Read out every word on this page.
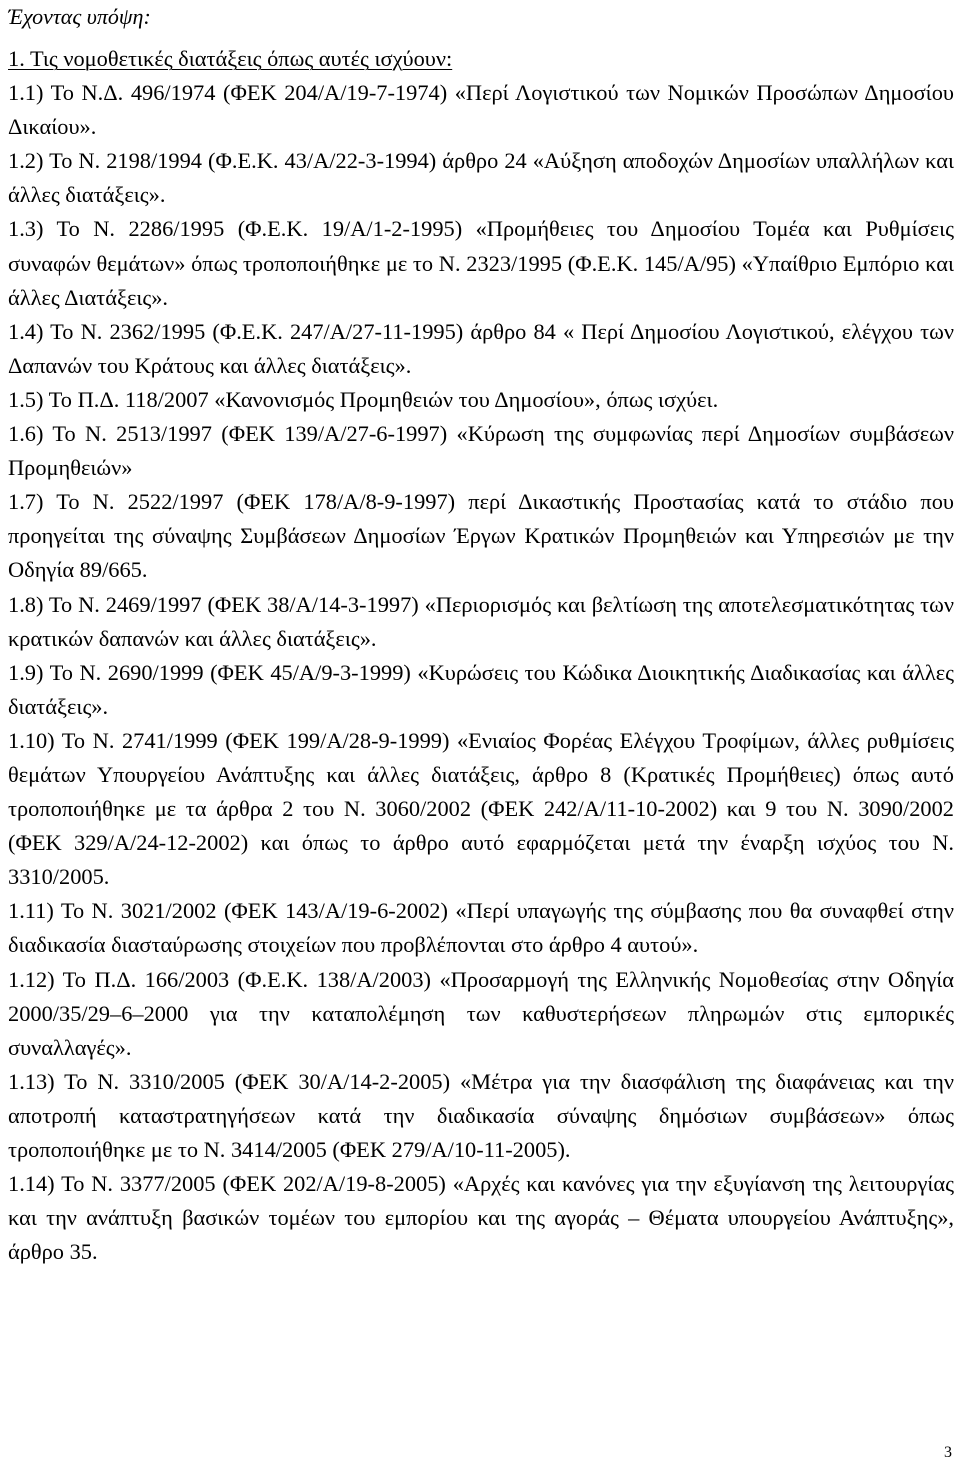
Έχοντας υπόψη:

1. Τις νομοθετικές διατάξεις όπως αυτές ισχύουν:

1.1) Το Ν.Δ. 496/1974 (ΦΕΚ 204/Α/19-7-1974) «Περί Λογιστικού των Νομικών Προσώπων Δημοσίου Δικαίου».

1.2) Το Ν. 2198/1994 (Φ.Ε.Κ. 43/Α/22-3-1994) άρθρο 24 «Αύξηση αποδοχών Δημοσίων υπαλλήλων και άλλες διατάξεις».

1.3) Το Ν. 2286/1995 (Φ.Ε.Κ. 19/Α/1-2-1995) «Προμήθειες του Δημοσίου Τομέα και Ρυθμίσεις συναφών θεμάτων» όπως τροποποιήθηκε με το Ν. 2323/1995 (Φ.Ε.Κ. 145/Α/95) «Υπαίθριο Εμπόριο και άλλες Διατάξεις».

1.4) Το Ν. 2362/1995 (Φ.Ε.Κ. 247/Α/27-11-1995) άρθρο 84 « Περί Δημοσίου Λογιστικού, ελέγχου των Δαπανών του Κράτους και άλλες διατάξεις».

1.5) Το Π.Δ. 118/2007 «Κανονισμός Προμηθειών του Δημοσίου», όπως ισχύει.

1.6) Το Ν. 2513/1997 (ΦΕΚ 139/Α/27-6-1997) «Κύρωση της συμφωνίας περί Δημοσίων συμβάσεων Προμηθειών»

1.7) Το Ν. 2522/1997 (ΦΕΚ 178/Α/8-9-1997) περί Δικαστικής Προστασίας κατά το στάδιο που προηγείται της σύναψης Συμβάσεων Δημοσίων Έργων Κρατικών Προμηθειών και Υπηρεσιών με την Οδηγία 89/665.

1.8) Το Ν. 2469/1997 (ΦΕΚ 38/Α/14-3-1997) «Περιορισμός και βελτίωση της αποτελεσματικότητας των κρατικών δαπανών και άλλες διατάξεις».

1.9) Το Ν. 2690/1999 (ΦΕΚ 45/Α/9-3-1999) «Κυρώσεις του Κώδικα Διοικητικής Διαδικασίας και άλλες διατάξεις».

1.10) Το Ν. 2741/1999 (ΦΕΚ 199/Α/28-9-1999) «Ενιαίος Φορέας Ελέγχου Τροφίμων, άλλες ρυθμίσεις θεμάτων Υπουργείου Ανάπτυξης και άλλες διατάξεις, άρθρο 8 (Κρατικές Προμήθειες) όπως αυτό τροποποιήθηκε με τα άρθρα 2 του Ν. 3060/2002 (ΦΕΚ 242/Α/11-10-2002) και 9 του Ν. 3090/2002 (ΦΕΚ 329/Α/24-12-2002) και όπως το άρθρο αυτό εφαρμόζεται μετά την έναρξη ισχύος του Ν. 3310/2005.

1.11) Το Ν. 3021/2002 (ΦΕΚ 143/Α/19-6-2002) «Περί υπαγωγής της σύμβασης που θα συναφθεί στην διαδικασία διασταύρωσης στοιχείων που προβλέπονται στο άρθρο 4 αυτού».

1.12) Το Π.Δ. 166/2003 (Φ.Ε.Κ. 138/Α/2003) «Προσαρμογή της Ελληνικής Νομοθεσίας στην Οδηγία 2000/35/29–6–2000 για την καταπολέμηση των καθυστερήσεων πληρωμών στις εμπορικές συναλλαγές».

1.13) Το Ν. 3310/2005 (ΦΕΚ 30/Α/14-2-2005) «Μέτρα για την διασφάλιση της διαφάνειας και την αποτροπή καταστρατηγήσεων κατά την διαδικασία σύναψης δημόσιων συμβάσεων» όπως τροποποιήθηκε με το Ν. 3414/2005 (ΦΕΚ 279/Α/10-11-2005).

1.14) Το Ν. 3377/2005 (ΦΕΚ 202/Α/19-8-2005) «Αρχές και κανόνες για την εξυγίανση της λειτουργίας και την ανάπτυξη βασικών τομέων του εμπορίου και της αγοράς – Θέματα υπουργείου Ανάπτυξης», άρθρο 35.

3
